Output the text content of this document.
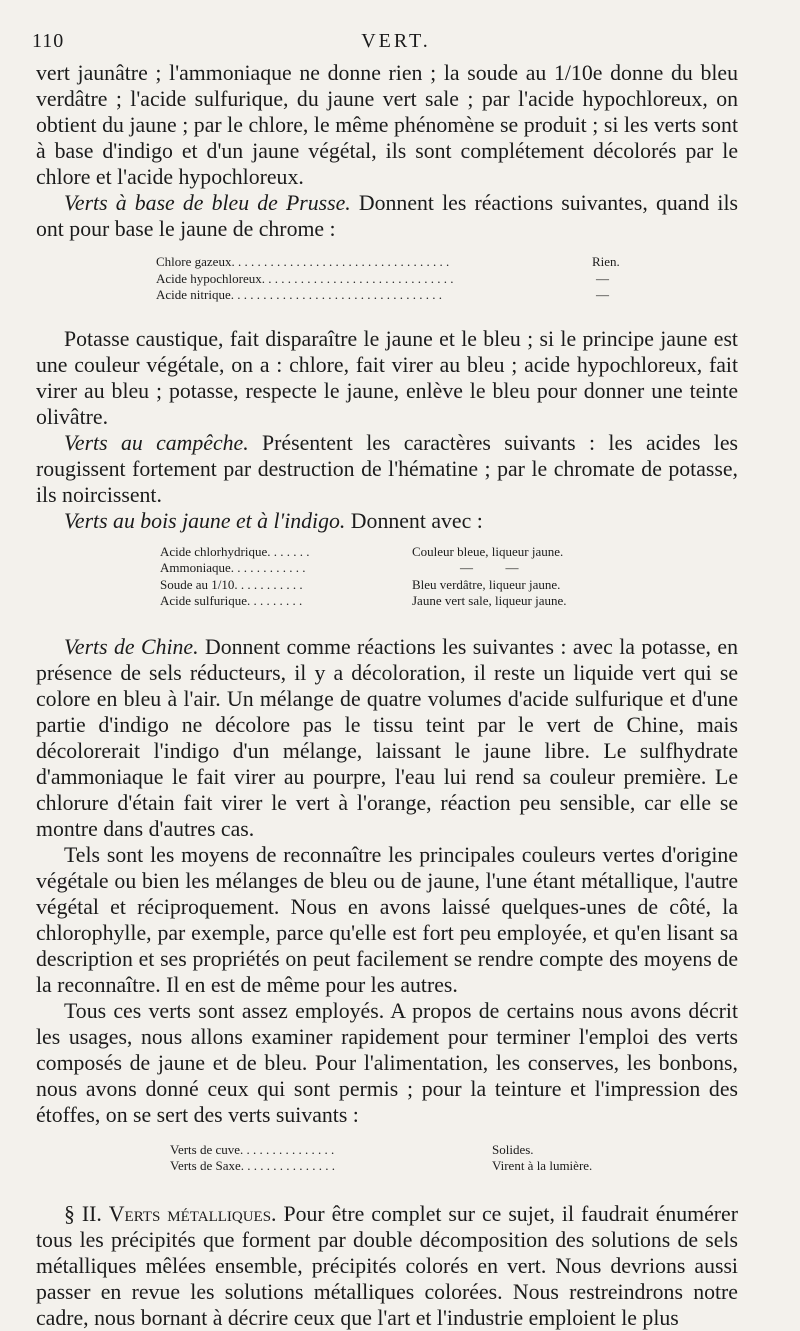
110	VERT.

vert jaunâtre ; l'ammoniaque ne donne rien ; la soude au 1/10e donne du bleu verdâtre ; l'acide sulfurique, du jaune vert sale ; par l'acide hypochloreux, on obtient du jaune ; par le chlore, le même phénomène se produit ; si les verts sont à base d'indigo et d'un jaune végétal, ils sont complétement décolorés par le chlore et l'acide hypochloreux.

Verts à base de bleu de Prusse. Donnent les réactions suivantes, quand ils ont pour base le jaune de chrome :

Chlore gazeux. . . . . . . . . . . . . . . . . . . . . . . . . . . . . . . . . .	Rien.
Acide hypochloreux. . . . . . . . . . . . . . . . . . . . . . . . . . . . . .	—
Acide nitrique. . . . . . . . . . . . . . . . . . . . . . . . . . . . . . . . .	—

Potasse caustique, fait disparaître le jaune et le bleu ; si le principe jaune est une couleur végétale, on a : chlore, fait virer au bleu ; acide hypochloreux, fait virer au bleu ; potasse, respecte le jaune, enlève le bleu pour donner une teinte olivâtre.

Verts au campêche. Présentent les caractères suivants : les acides les rougissent fortement par destruction de l'hématine ; par le chromate de potasse, ils noircissent.

Verts au bois jaune et à l'indigo. Donnent avec :

Acide chlorhydrique. . . . . . .	Couleur bleue, liqueur jaune.
Ammoniaque. . . . . . . . . . . .	—          —
Soude au 1/10. . . . . . . . . . .	Bleu verdâtre, liqueur jaune.
Acide sulfurique. . . . . . . . .	Jaune vert sale, liqueur jaune.

Verts de Chine. Donnent comme réactions les suivantes : avec la potasse, en présence de sels réducteurs, il y a décoloration, il reste un liquide vert qui se colore en bleu à l'air. Un mélange de quatre volumes d'acide sulfurique et d'une partie d'indigo ne décolore pas le tissu teint par le vert de Chine, mais décolorerait l'indigo d'un mélange, laissant le jaune libre. Le sulfhydrate d'ammoniaque le fait virer au pourpre, l'eau lui rend sa couleur première. Le chlorure d'étain fait virer le vert à l'orange, réaction peu sensible, car elle se montre dans d'autres cas.

Tels sont les moyens de reconnaître les principales couleurs vertes d'origine végétale ou bien les mélanges de bleu ou de jaune, l'une étant métallique, l'autre végétal et réciproquement. Nous en avons laissé quelques-unes de côté, la chlorophylle, par exemple, parce qu'elle est fort peu employée, et qu'en lisant sa description et ses propriétés on peut facilement se rendre compte des moyens de la reconnaître. Il en est de même pour les autres.

Tous ces verts sont assez employés. A propos de certains nous avons décrit les usages, nous allons examiner rapidement pour terminer l'emploi des verts composés de jaune et de bleu. Pour l'alimentation, les conserves, les bonbons, nous avons donné ceux qui sont permis ; pour la teinture et l'impression des étoffes, on se sert des verts suivants :

Verts de cuve. . . . . . . . . . . . . . .	Solides.
Verts de Saxe. . . . . . . . . . . . . . .	Virent à la lumière.

§ II. Verts métalliques. Pour être complet sur ce sujet, il faudrait énumérer tous les précipités que forment par double décomposition des solutions de sels métalliques mêlées ensemble, précipités colorés en vert. Nous devrions aussi passer en revue les solutions métalliques colorées. Nous restreindrons notre cadre, nous bornant à décrire ceux que l'art et l'industrie emploient le plus
